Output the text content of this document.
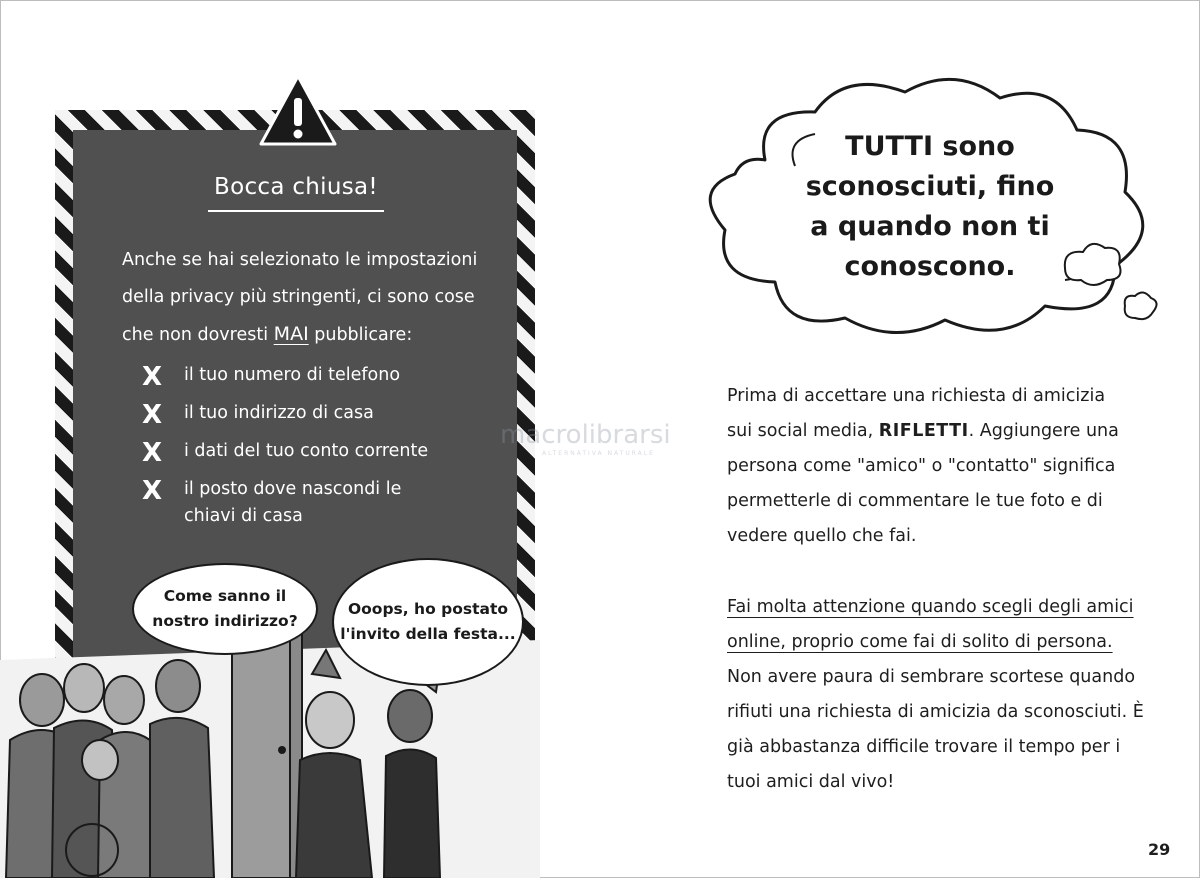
Bocca chiusa!
Anche se hai selezionato le impostazioni della privacy più stringenti, ci sono cose che non dovresti MAI pubblicare:
X il tuo numero di telefono
X il tuo indirizzo di casa
X i dati del tuo conto corrente
X il posto dove nascondi le chiavi di casa
Come sanno il nostro indirizzo?
Ooops, ho postato l'invito della festa...
macrolibrarsi
ALTERNATIVA NATURALE
TUTTI sono sconosciuti, fino a quando non ti conoscono.
Prima di accettare una richiesta di amicizia sui social media, RIFLETTI. Aggiungere una persona come "amico" o "contatto" significa permetterle di commentare le tue foto e di vedere quello che fai.
Fai molta attenzione quando scegli degli amici online, proprio come fai di solito di persona. Non avere paura di sembrare scortese quando rifiuti una richiesta di amicizia da sconosciuti. È già abbastanza difficile trovare il tempo per i tuoi amici dal vivo!
29
